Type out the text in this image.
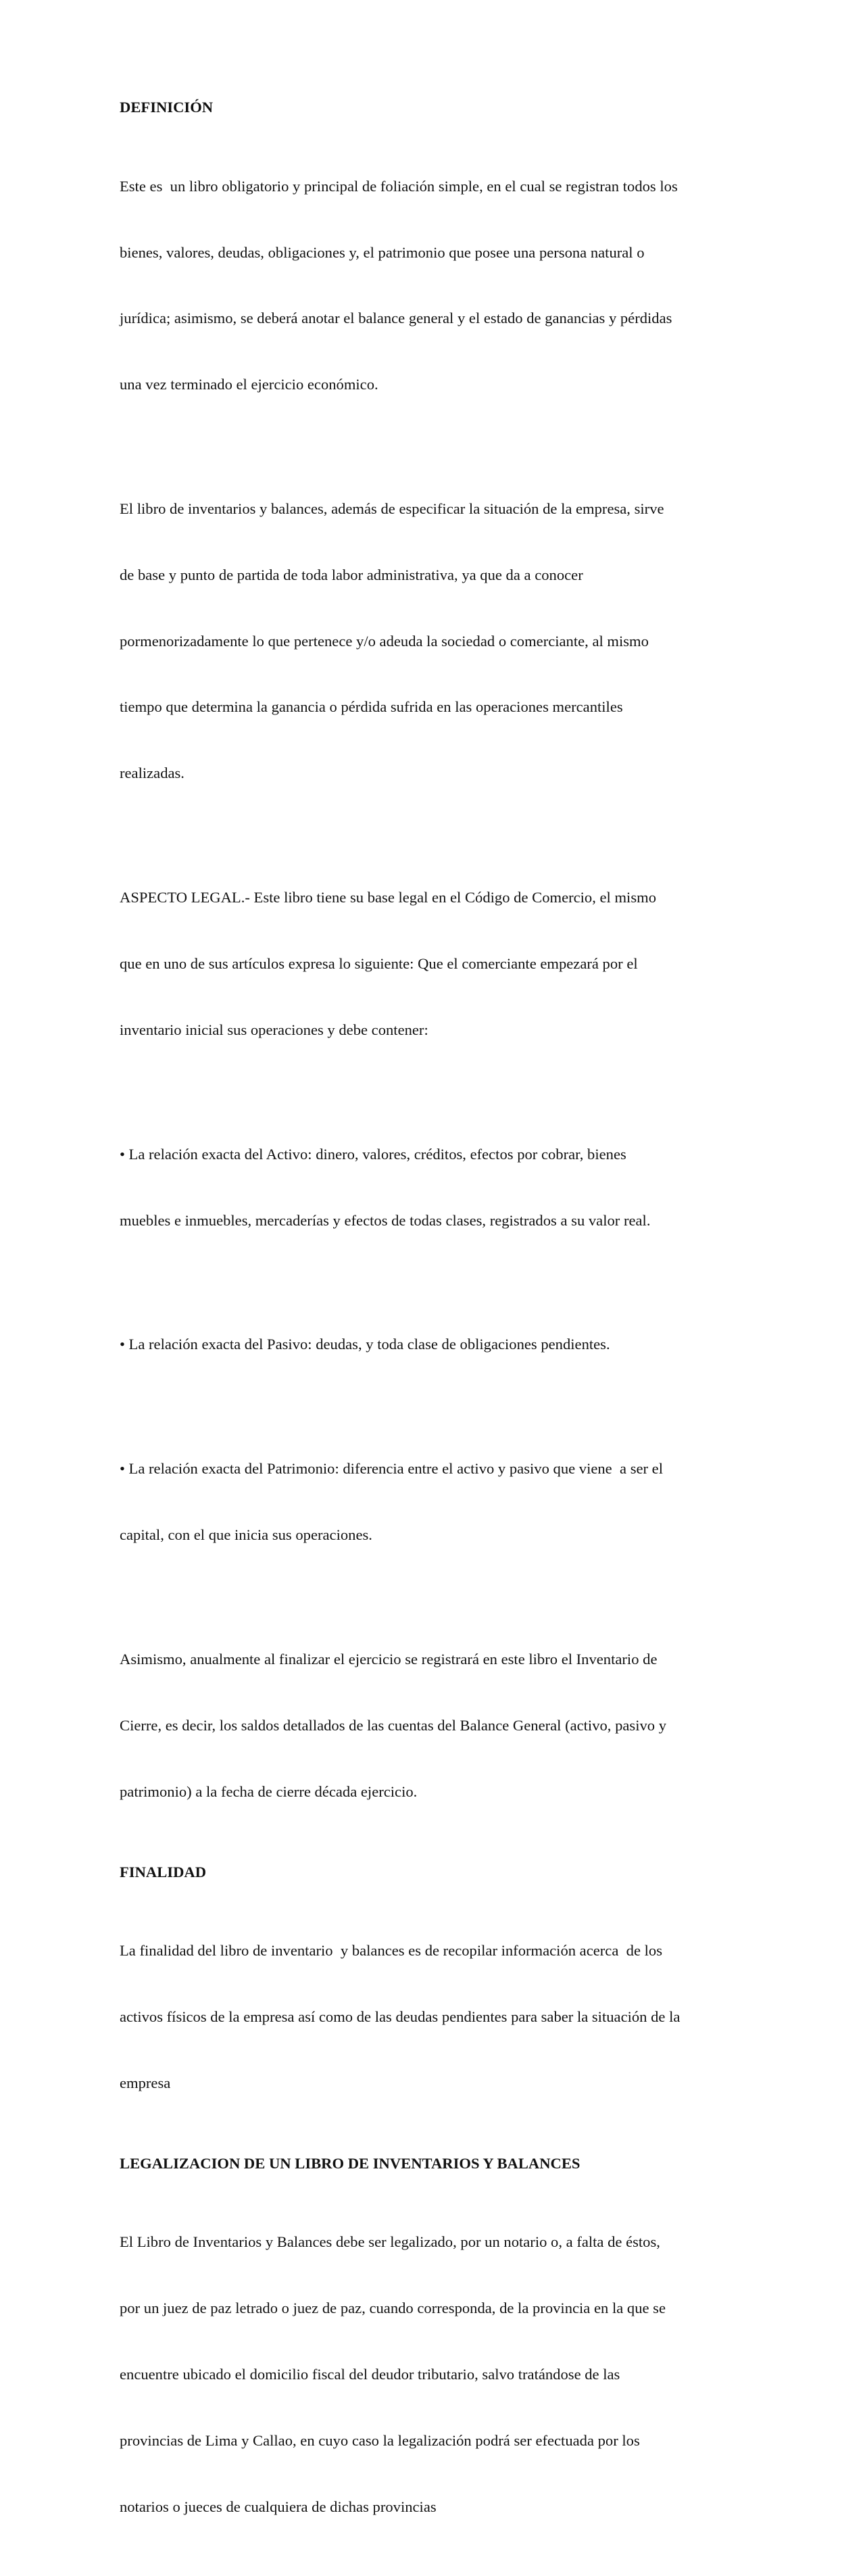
DEFINICIÓN

Este es  un libro obligatorio y principal de foliación simple, en el cual se registran todos los

bienes, valores, deudas, obligaciones y, el patrimonio que posee una persona natural o

jurídica; asimismo, se deberá anotar el balance general y el estado de ganancias y pérdidas

una vez terminado el ejercicio económico.

El libro de inventarios y balances, además de especificar la situación de la empresa, sirve

de base y punto de partida de toda labor administrativa, ya que da a conocer

pormenorizadamente lo que pertenece y/o adeuda la sociedad o comerciante, al mismo

tiempo que determina la ganancia o pérdida sufrida en las operaciones mercantiles

realizadas.

ASPECTO LEGAL.- Este libro tiene su base legal en el Código de Comercio, el mismo

que en uno de sus artículos expresa lo siguiente: Que el comerciante empezará por el

inventario inicial sus operaciones y debe contener:

• La relación exacta del Activo: dinero, valores, créditos, efectos por cobrar, bienes

muebles e inmuebles, mercaderías y efectos de todas clases, registrados a su valor real.

• La relación exacta del Pasivo: deudas, y toda clase de obligaciones pendientes.

• La relación exacta del Patrimonio: diferencia entre el activo y pasivo que viene  a ser el

capital, con el que inicia sus operaciones.

Asimismo, anualmente al finalizar el ejercicio se registrará en este libro el Inventario de

Cierre, es decir, los saldos detallados de las cuentas del Balance General (activo, pasivo y

patrimonio) a la fecha de cierre década ejercicio.

FINALIDAD

La finalidad del libro de inventario  y balances es de recopilar información acerca  de los

activos físicos de la empresa así como de las deudas pendientes para saber la situación de la

empresa

LEGALIZACION DE UN LIBRO DE INVENTARIOS Y BALANCES

El Libro de Inventarios y Balances debe ser legalizado, por un notario o, a falta de éstos,

por un juez de paz letrado o juez de paz, cuando corresponda, de la provincia en la que se

encuentre ubicado el domicilio fiscal del deudor tributario, salvo tratándose de las

provincias de Lima y Callao, en cuyo caso la legalización podrá ser efectuada por los

notarios o jueces de cualquiera de dichas provincias
